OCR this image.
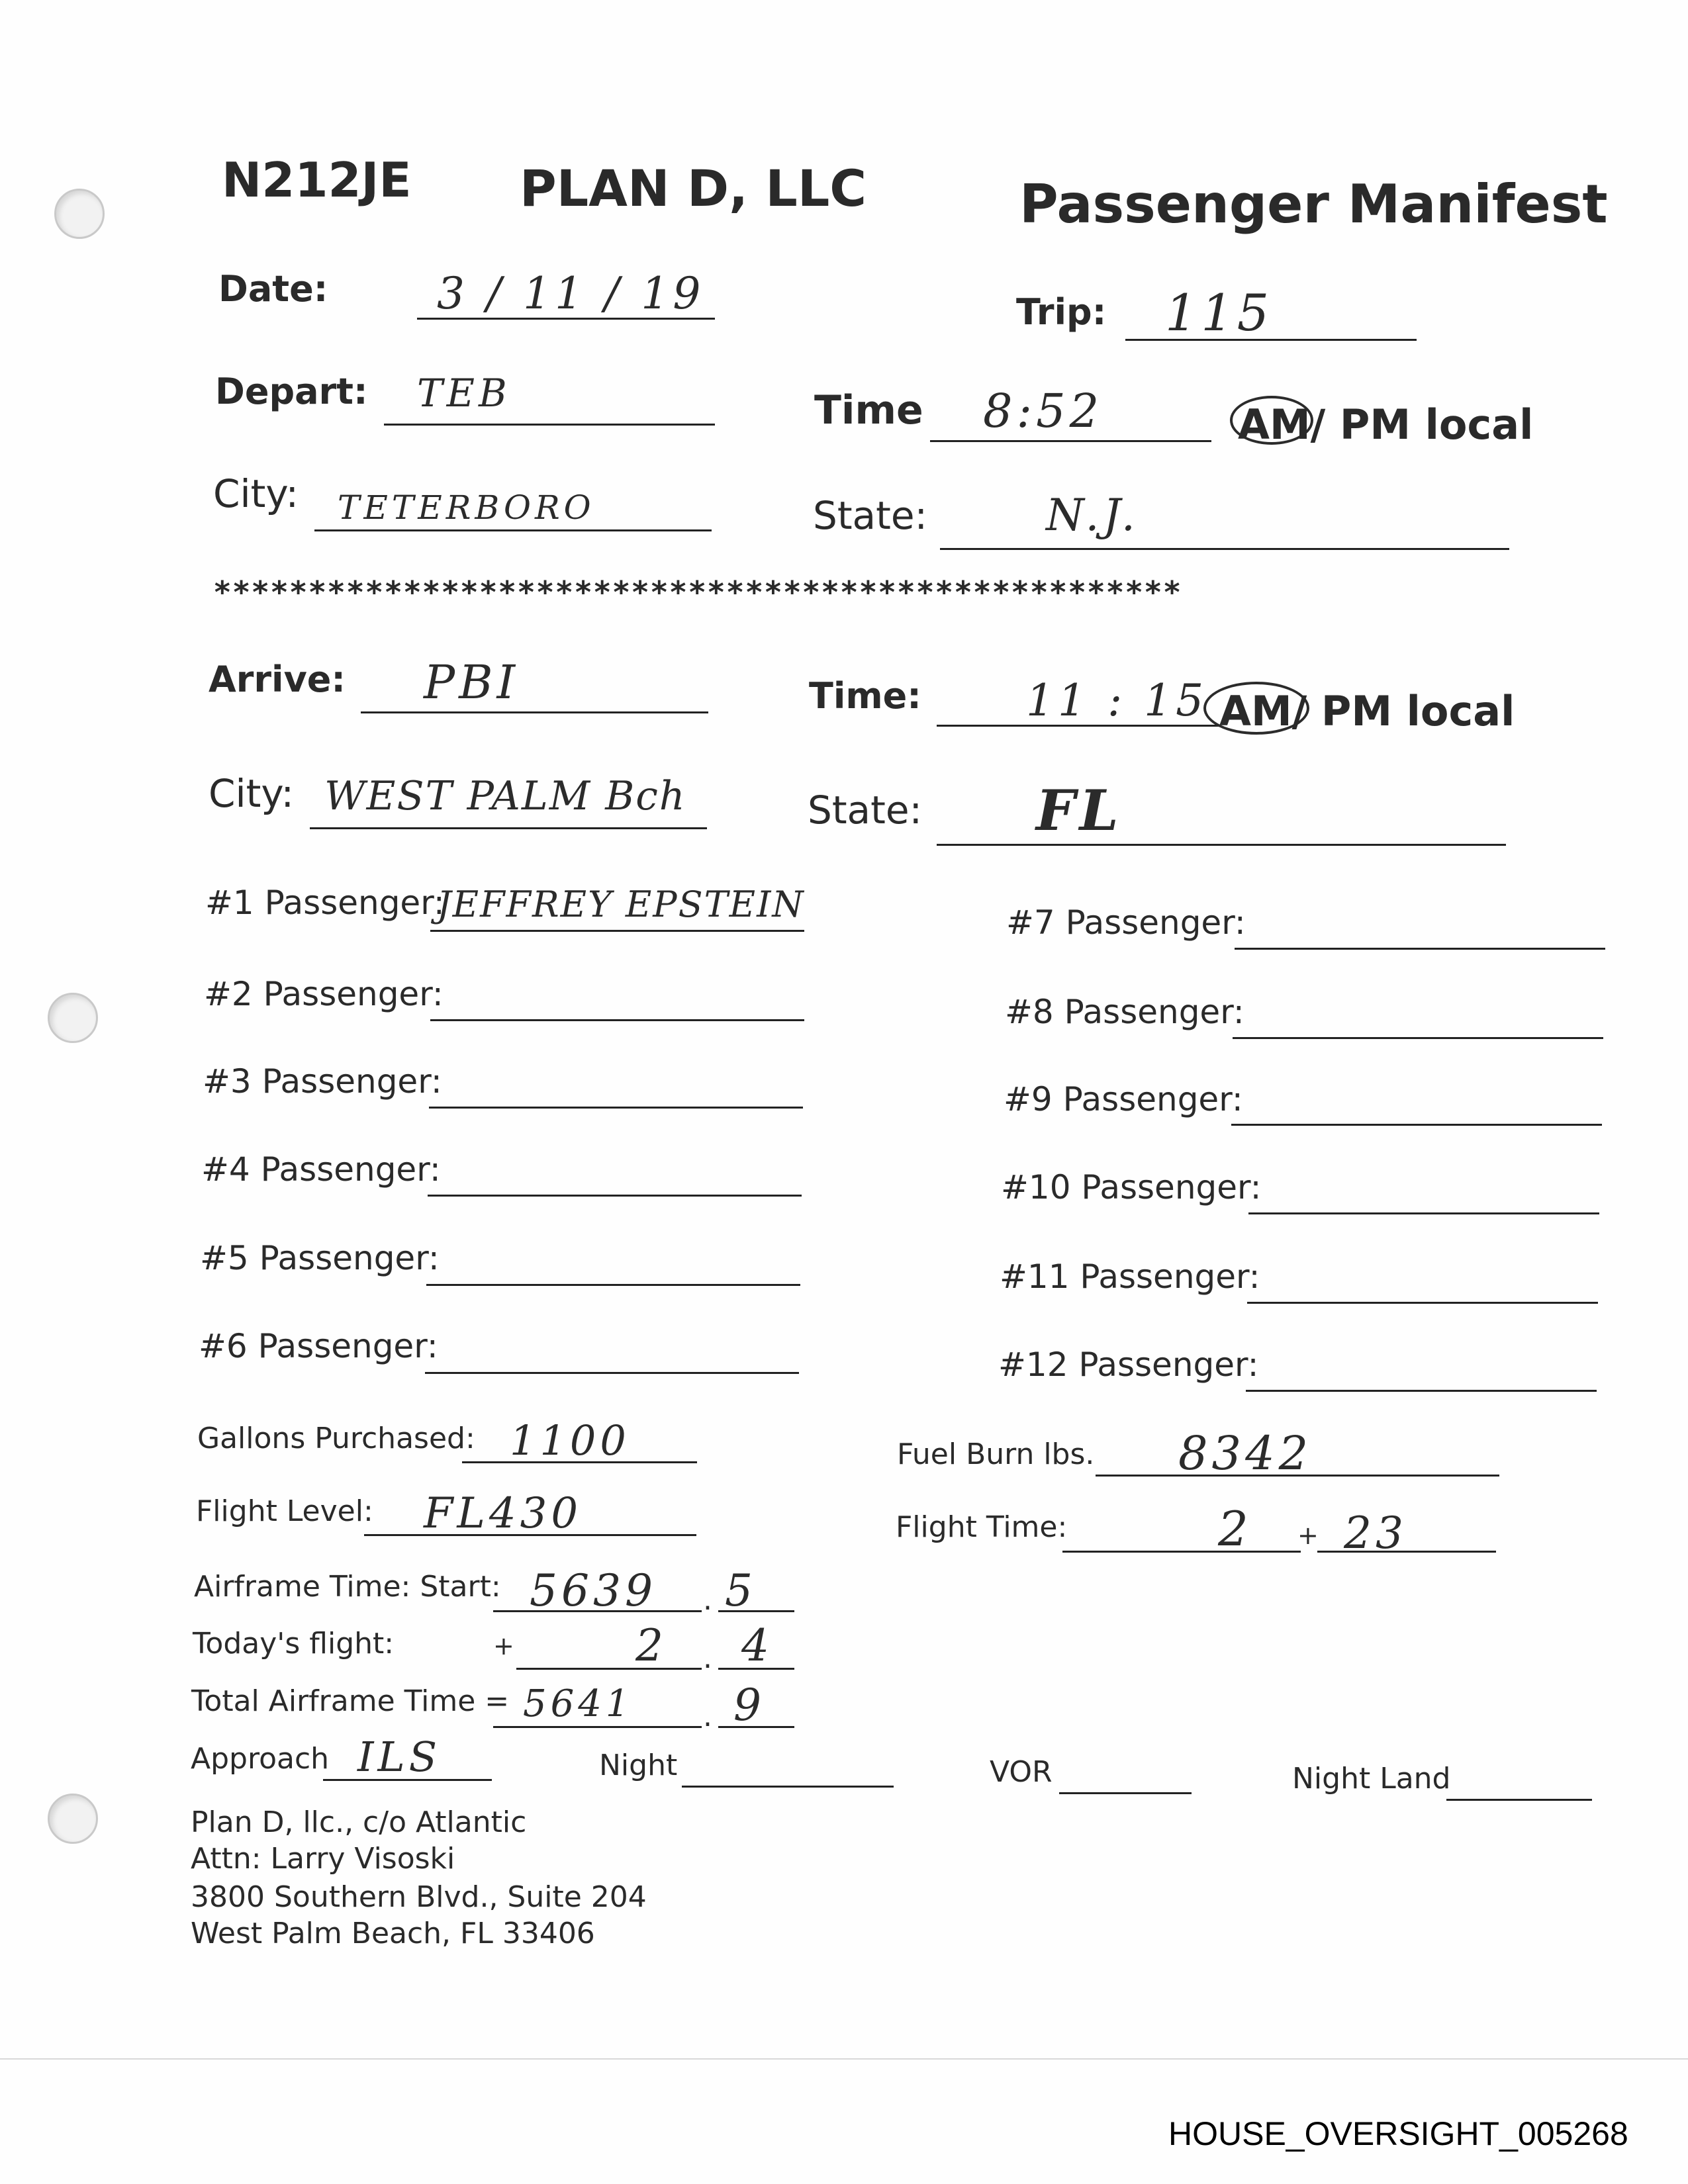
N212JE PLAN D, LLC	Passenger Manifest
Date: 3 / 11 / 19	Trip: 115
Depart: TEB	Time 8:52	AM/ PM local
City: TETERBORO	State:	N.J.
***************************************************
Arrive: PBI	Time: 11 : 15 AM/ PM local
City: WEST PALM Bch	State: FL
#1 Passenger:
JEFFREY EPSTEIN
#2 Passenger:
#3 Passenger:
#4 Passenger:
#5 Passenger:
#6 Passenger:
#7 Passenger:
#8 Passenger:
#9 Passenger:
#10 Passenger:
#11 Passenger:
#12 Passenger:
Gallons Purchased: 1100	Fuel Burn lbs. 8342
Flight Level: FL430	Flight Time:	2 + 23
Airframe Time: Start: 5639 . 5
Today's flight:	+	2 . 4
Total Airframe Time = 5641 . 9
Approach ILS	Night	VOR	Night Land
Plan D, llc., c/o Atlantic
Attn: Larry Visoski
3800 Southern Blvd., Suite 204
West Palm Beach, FL 33406
HOUSE_OVERSIGHT_005268
